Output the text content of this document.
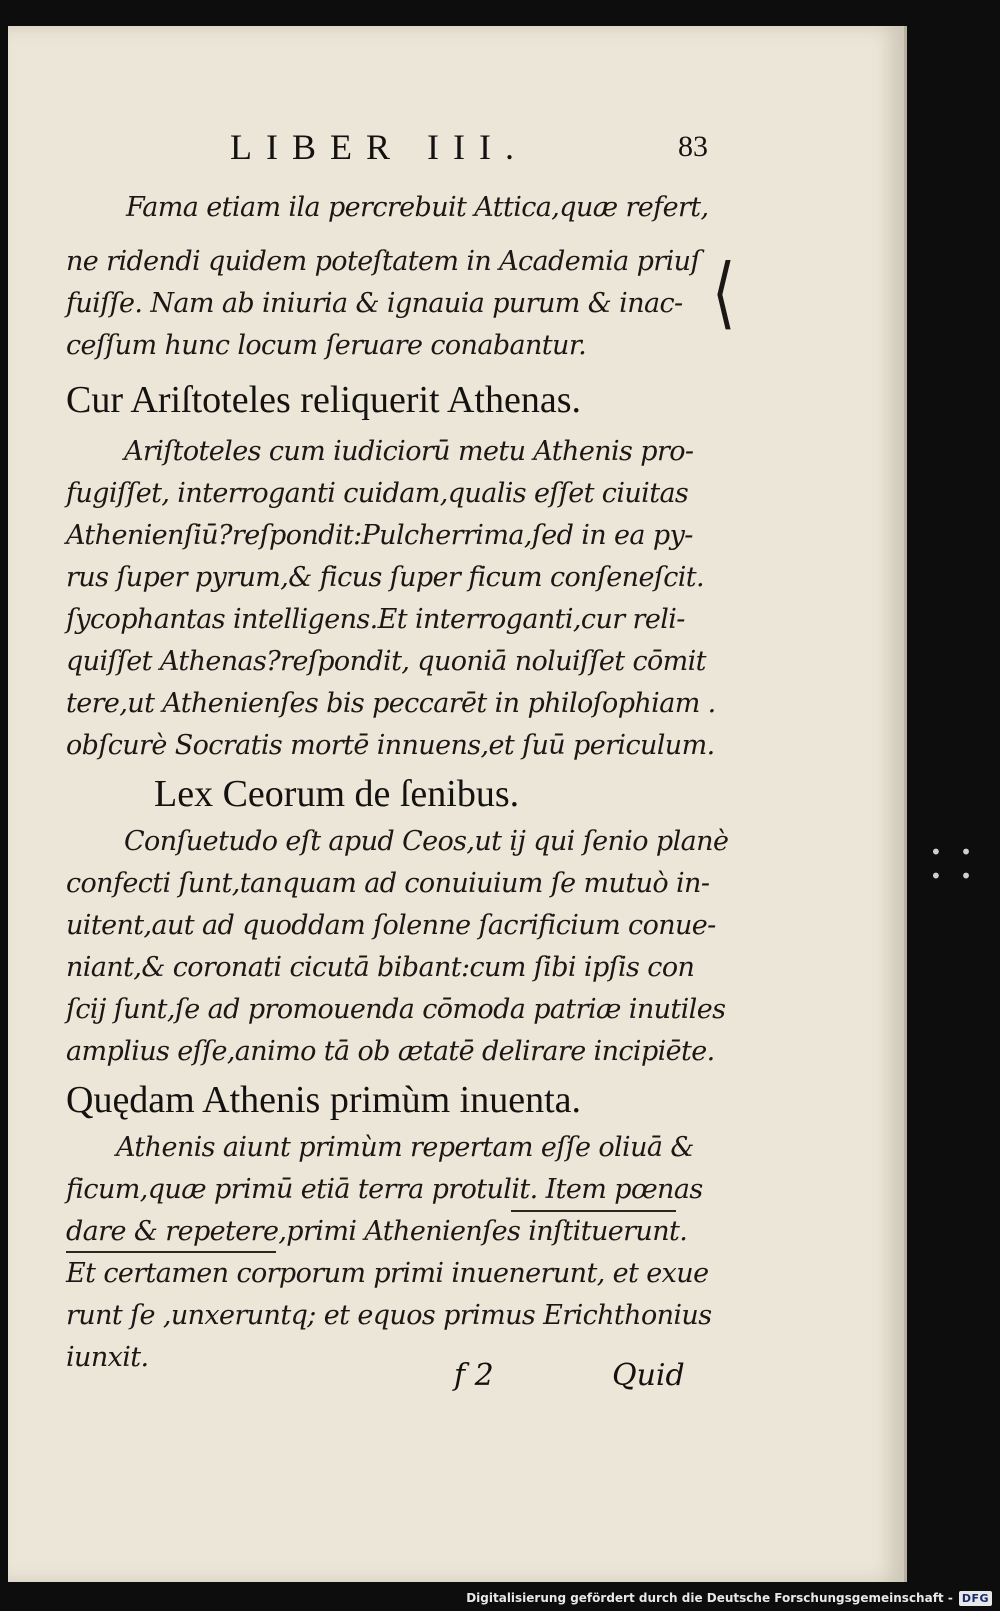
LIBER III.	83
Fama etiam ila percrebuit Attica,quæ refert,
ne ridendi quidem poteſtatem in Academia priuſ
fuiſſe. Nam ab iniuria & ignauia purum & inac-
ceſſum hunc locum ſeruare conabantur.
Cur Ariſtoteles reliquerit Athenas.
Ariſtoteles cum iudiciorū metu Athenis pro-
fugiſſet, interroganti cuidam,qualis eſſet ciuitas
Athenienſiū?reſpondit:Pulcherrima,ſed in ea py-
rus ſuper pyrum,& ficus ſuper ficum conſeneſcit.
ſycophantas intelligens.Et interroganti,cur reli-
quiſſet Athenas?reſpondit, quoniā noluiſſet cōmit
tere,ut Athenienſes bis peccarēt in philoſophiam .
obſcurè Socratis mortē innuens,et ſuū periculum.
Lex Ceorum de ſenibus.
Conſuetudo eſt apud Ceos,ut ij qui ſenio planè
confecti ſunt,tanquam ad conuiuium ſe mutuò in-
uitent,aut ad quoddam ſolenne ſacrificium conue-
niant,& coronati cicutā bibant:cum ſibi ipſis con
ſcij ſunt,ſe ad promouenda cōmoda patriæ inutiles
amplius eſſe,animo tā ob ætatē delirare incipiēte.
Quędam Athenis primùm inuenta.
Athenis aiunt primùm repertam eſſe oliuā &
ficum,quæ primū etiā terra protulit. Item pœnas
dare & repetere,primi Athenienſes inſtituerunt.
Et certamen corporum primi inuenerunt, et exue
runt ſe ,unxeruntq; et equos primus Erichthonius
iunxit.
⟨
f 2	Quid
• • • •
Digitalisierung gefördert durch die Deutsche Forschungsgemeinschaft - DFG
